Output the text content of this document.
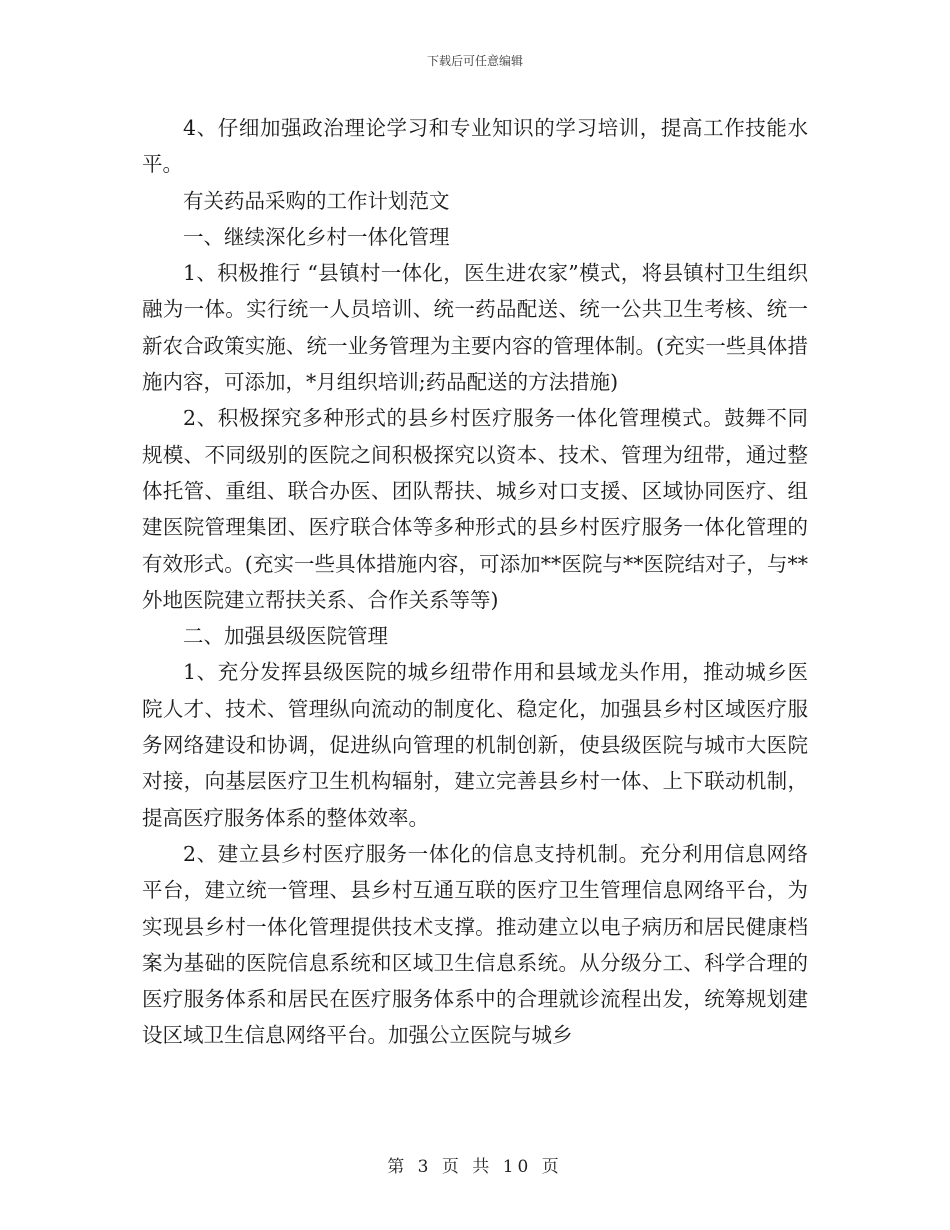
下载后可任意编辑

4、仔细加强政治理论学习和专业知识的学习培训，提高工作技能水平。

有关药品采购的工作计划范文

一、继续深化乡村一体化管理

1、积极推行 “县镇村一体化，医生进农家”模式，将县镇村卫生组织融为一体。实行统一人员培训、统一药品配送、统一公共卫生考核、统一新农合政策实施、统一业务管理为主要内容的管理体制。(充实一些具体措施内容，可添加，*月组织培训;药品配送的方法措施)

2、积极探究多种形式的县乡村医疗服务一体化管理模式。鼓舞不同规模、不同级别的医院之间积极探究以资本、技术、管理为纽带，通过整体托管、重组、联合办医、团队帮扶、城乡对口支援、区域协同医疗、组建医院管理集团、医疗联合体等多种形式的县乡村医疗服务一体化管理的有效形式。(充实一些具体措施内容，可添加**医院与**医院结对子，与**外地医院建立帮扶关系、合作关系等等)

二、加强县级医院管理

1、充分发挥县级医院的城乡纽带作用和县域龙头作用，推动城乡医院人才、技术、管理纵向流动的制度化、稳定化，加强县乡村区域医疗服务网络建设和协调，促进纵向管理的机制创新，使县级医院与城市大医院对接，向基层医疗卫生机构辐射，建立完善县乡村一体、上下联动机制，提高医疗服务体系的整体效率。

2、建立县乡村医疗服务一体化的信息支持机制。充分利用信息网络平台，建立统一管理、县乡村互通互联的医疗卫生管理信息网络平台，为实现县乡村一体化管理提供技术支撑。推动建立以电子病历和居民健康档案为基础的医院信息系统和区域卫生信息系统。从分级分工、科学合理的医疗服务体系和居民在医疗服务体系中的合理就诊流程出发，统筹规划建设区域卫生信息网络平台。加强公立医院与城乡

第 3 页 共 10 页
